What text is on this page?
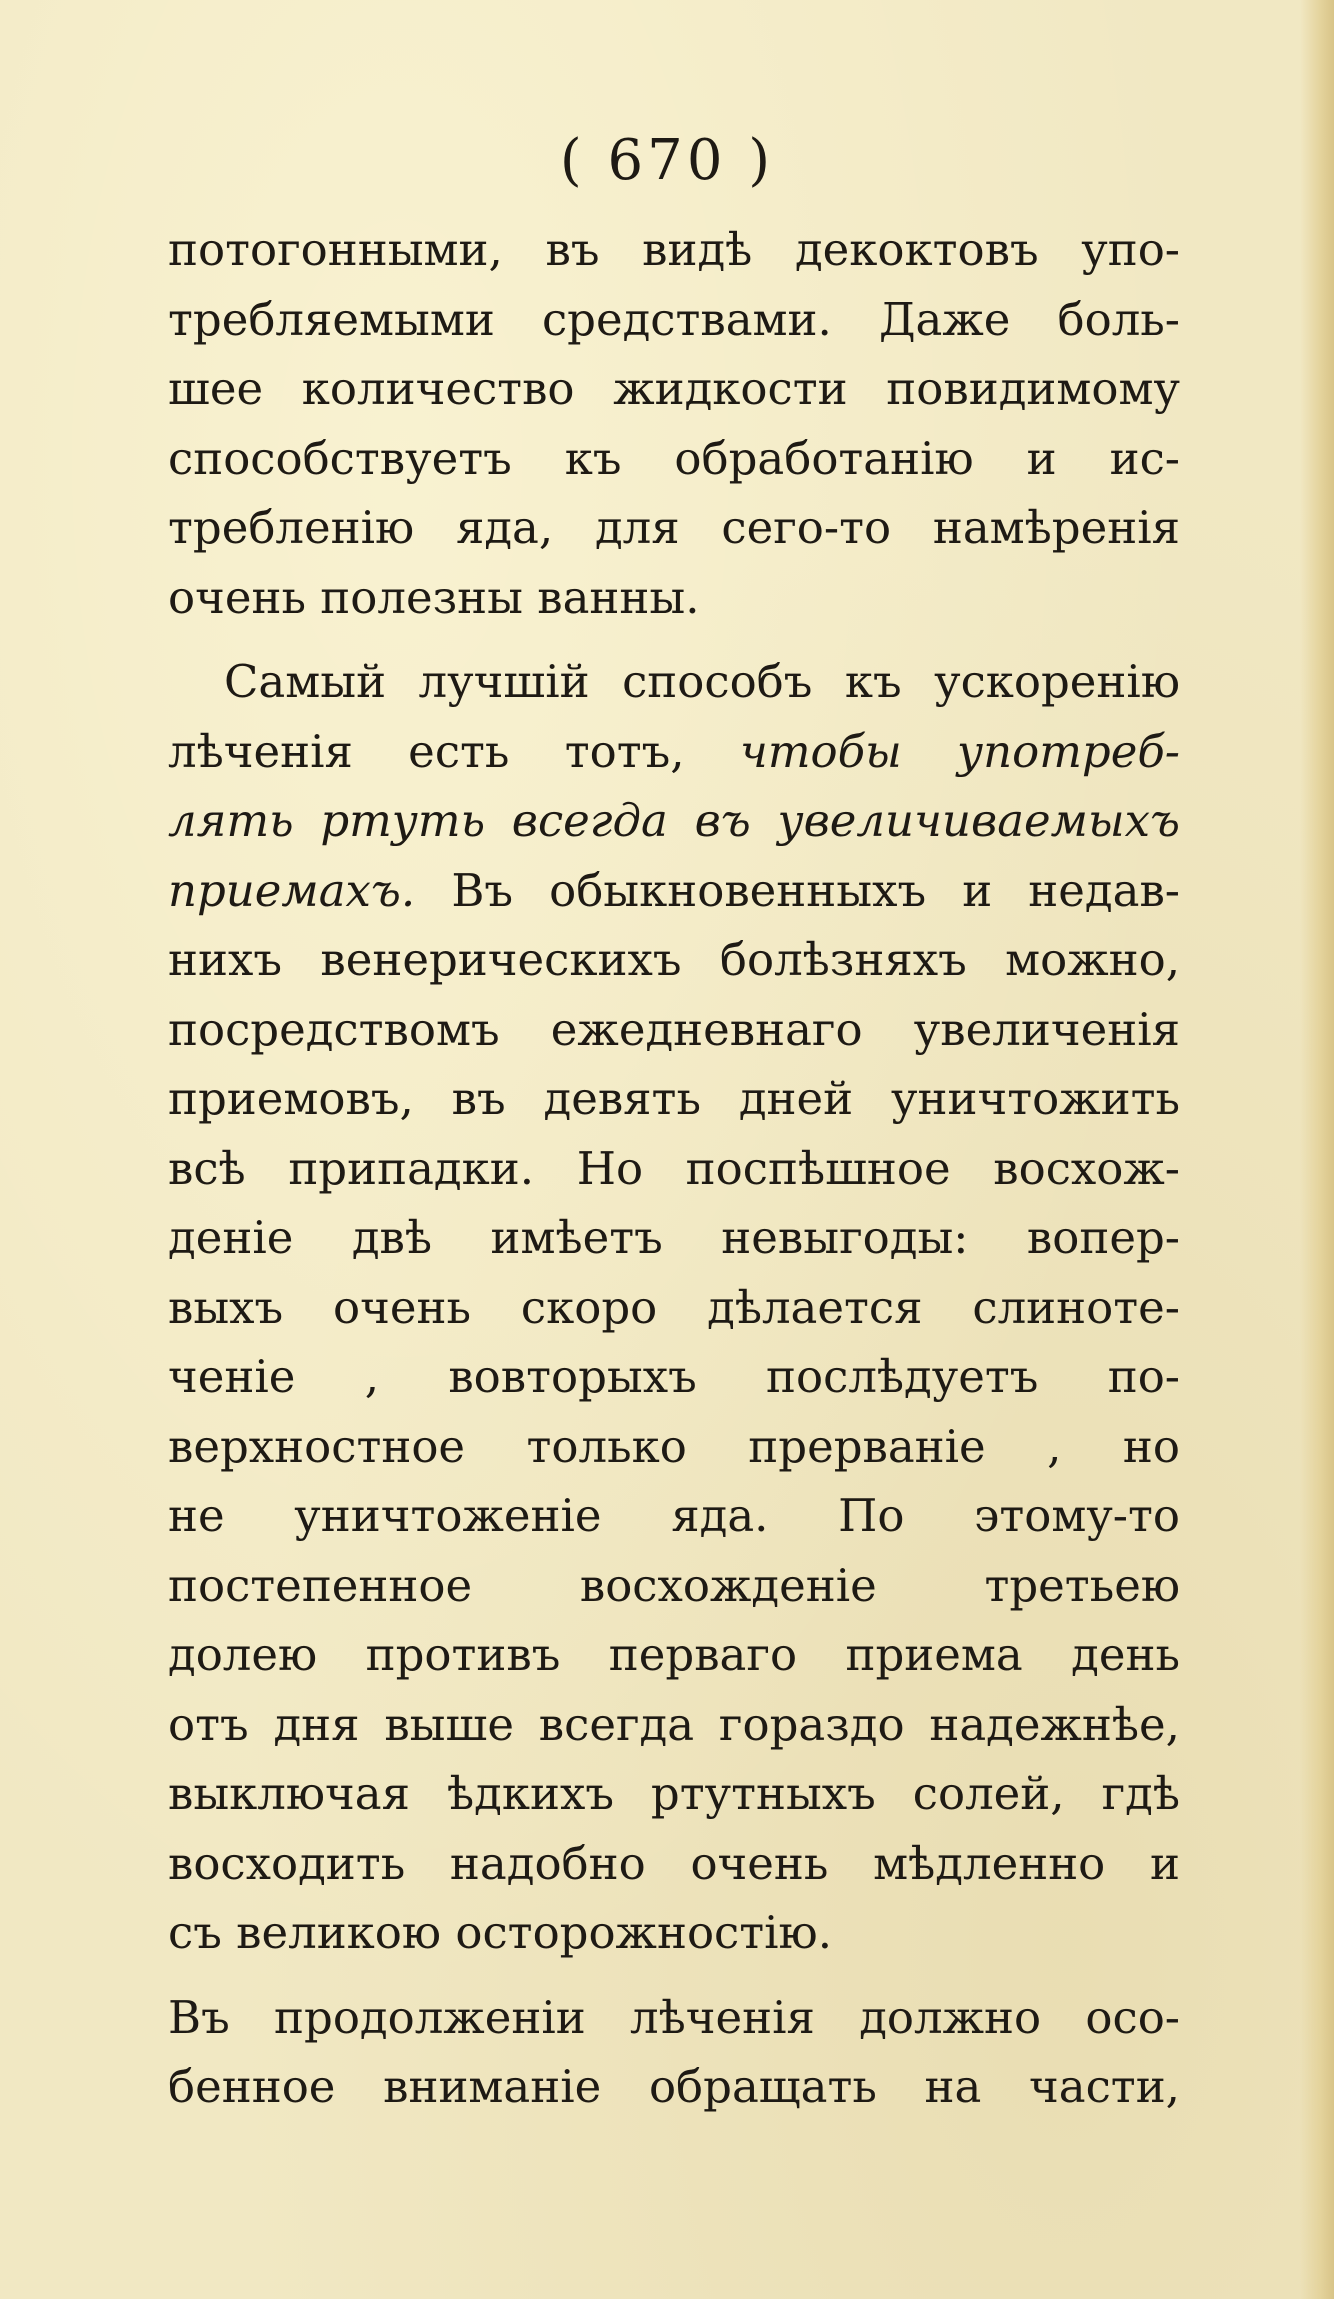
( 670 )
потогонными, въ видѣ декоктовъ упо-
требляемыми средствами. Даже боль-
шее количество жидкости повидимому
способствуетъ къ обработанію и ис-
требленію яда, для сего-то намѣренія
очень полезны ванны.
Самый лучшій способъ къ ускоренію
лѣченія есть тотъ, чтобы употреб-
лять ртуть всегда въ увеличиваемыхъ
приемахъ. Въ обыкновенныхъ и недав-
нихъ венерическихъ болѣзняхъ можно,
посредствомъ ежедневнаго увеличенія
приемовъ, въ девять дней уничтожить
всѣ припадки. Но поспѣшное восхож-
деніе двѣ имѣетъ невыгоды: вопер-
выхъ очень скоро дѣлается слиноте-
ченіе , вовторыхъ послѣдуетъ по-
верхностное только прерваніе , но
не уничтоженіе яда. По этому-то
постепенное восхожденіе третьею
долею противъ перваго приема день
отъ дня выше всегда гораздо надежнѣе,
выключая ѣдкихъ ртутныхъ солей, гдѣ
восходить надобно очень мѣдленно и
съ великою осторожностію.
Въ продолженіи лѣченія должно осо-
бенное вниманіе обращать на части,
